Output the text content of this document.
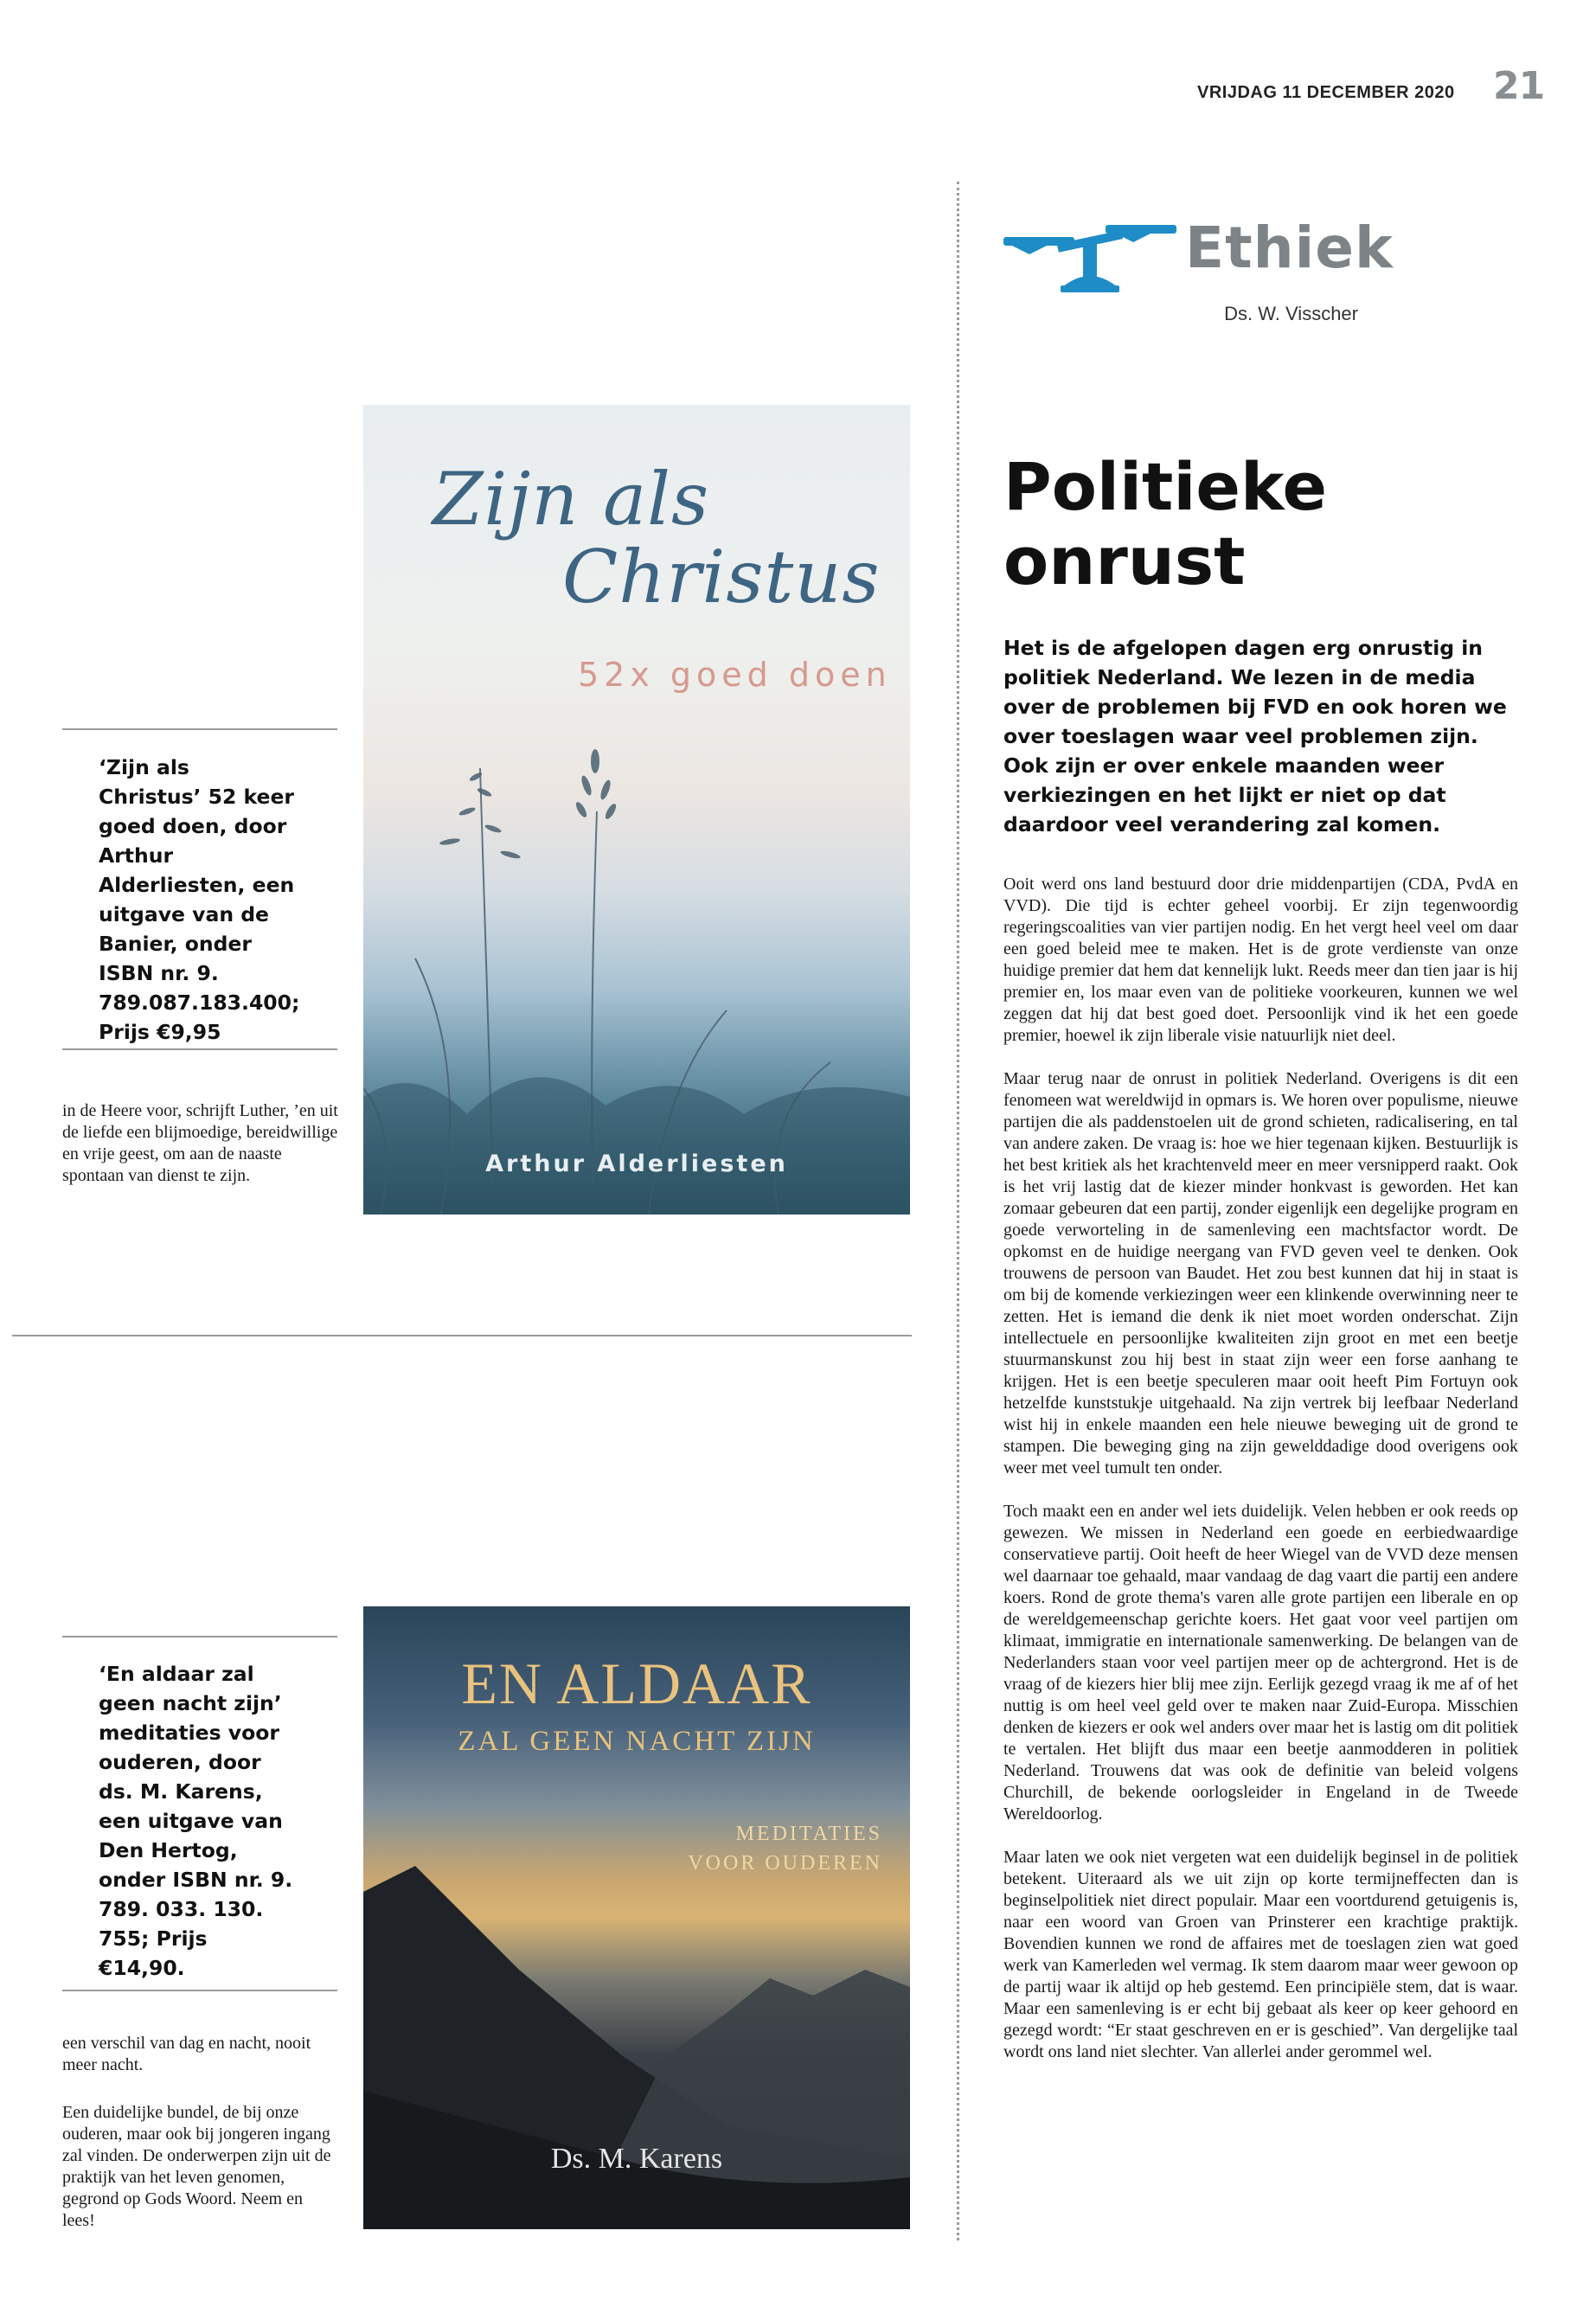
VRIJDAG 11 DECEMBER 2020 21
Ethiek
Ds. W. Visscher
Politieke
onrust
Het is de afgelopen dagen erg onrustig in politiek Nederland. We lezen in de media over de problemen bij FVD en ook horen we over toeslagen waar veel problemen zijn. Ook zijn er over enkele maanden weer verkiezingen en het lijkt er niet op dat daardoor veel verandering zal komen.

Ooit werd ons land bestuurd door drie middenpartijen (CDA, PvdA en VVD). Die tijd is echter geheel voorbij. Er zijn tegenwoordig regeringscoalities van vier partijen nodig. En het vergt heel veel om daar een goed beleid mee te maken. Het is de grote verdienste van onze huidige premier dat hem dat kennelijk lukt. Reeds meer dan tien jaar is hij premier en, los maar even van de politieke voorkeuren, kunnen we wel zeggen dat hij dat best goed doet. Persoonlijk vind ik het een goede premier, hoewel ik zijn liberale visie natuurlijk niet deel.

Maar terug naar de onrust in politiek Nederland. Overigens is dit een fenomeen wat wereldwijd in opmars is. We horen over populisme, nieuwe partijen die als paddenstoelen uit de grond schieten, radicalisering, en tal van andere zaken. De vraag is: hoe we hier tegenaan kijken. Bestuurlijk is het best kritiek als het krachtenveld meer en meer versnipperd raakt. Ook is het vrij lastig dat de kiezer minder honkvast is geworden. Het kan zomaar gebeuren dat een partij, zonder eigenlijk een degelijke program en goede verworteling in de samenleving een machtsfactor wordt. De opkomst en de huidige neergang van FVD geven veel te denken. Ook trouwens de persoon van Baudet. Het zou best kunnen dat hij in staat is om bij de komende verkiezingen weer een klinkende overwinning neer te zetten. Het is iemand die denk ik niet moet worden onderschat. Zijn intellectuele en persoonlijke kwaliteiten zijn groot en met een beetje stuurmanskunst zou hij best in staat zijn weer een forse aanhang te krijgen. Het is een beetje speculeren maar ooit heeft Pim Fortuyn ook hetzelfde kunststukje uitgehaald. Na zijn vertrek bij leefbaar Nederland wist hij in enkele maanden een hele nieuwe beweging uit de grond te stampen. Die beweging ging na zijn gewelddadige dood overigens ook weer met veel tumult ten onder.

Toch maakt een en ander wel iets duidelijk. Velen hebben er ook reeds op gewezen. We missen in Nederland een goede en eerbiedwaardige conservatieve partij. Ooit heeft de heer Wiegel van de VVD deze mensen wel daarnaar toe gehaald, maar vandaag de dag vaart die partij een andere koers. Rond de grote thema's varen alle grote partijen een liberale en op de wereldgemeenschap gerichte koers. Het gaat voor veel partijen om klimaat, immigratie en internationale samenwerking. De belangen van de Nederlanders staan voor veel partijen meer op de achtergrond. Het is de vraag of de kiezers hier blij mee zijn. Eerlijk gezegd vraag ik me af of het nuttig is om heel veel geld over te maken naar Zuid-Europa. Misschien denken de kiezers er ook wel anders over maar het is lastig om dit politiek te vertalen. Het blijft dus maar een beetje aanmodderen in politiek Nederland. Trouwens dat was ook de definitie van beleid volgens Churchill, de bekende oorlogsleider in Engeland in de Tweede Wereldoorlog.

Maar laten we ook niet vergeten wat een duidelijk beginsel in de politiek betekent. Uiteraard als we uit zijn op korte termijneffecten dan is beginselpolitiek niet direct populair. Maar een voortdurend getuigenis is, naar een woord van Groen van Prinsterer een krachtige praktijk. Bovendien kunnen we rond de affaires met de toeslagen zien wat goed werk van Kamerleden wel vermag. Ik stem daarom maar weer gewoon op de partij waar ik altijd op heb gestemd. Een principiële stem, dat is waar. Maar een samenleving is er echt bij gebaat als keer op keer gehoord en gezegd wordt: “Er staat geschreven en er is geschied”. Van dergelijke taal wordt ons land niet slechter. Van allerlei ander gerommel wel.

‘Zijn als Christus’ 52 keer goed doen, door Arthur Alderliesten, een uitgave van de Banier, onder ISBN nr. 9. 789.087.183.400; Prijs €9,95
in de Heere voor, schrijft Luther, ’en uit de liefde een blijmoedige, bereidwillige en vrije geest, om aan de naaste spontaan van dienst te zijn.
Zijn als
Christus
52x goed doen
Arthur Alderliesten
‘En aldaar zal geen nacht zijn’ meditaties voor ouderen, door ds. M. Karens, een uitgave van Den Hertog, onder ISBN nr. 9. 789. 033. 130. 755; Prijs €14,90.
een verschil van dag en nacht, nooit meer nacht.
Een duidelijke bundel, de bij onze ouderen, maar ook bij jongeren ingang zal vinden. De onderwerpen zijn uit de praktijk van het leven genomen, gegrond op Gods Woord. Neem en lees!
EN ALDAAR
ZAL GEEN NACHT ZIJN
MEDITATIES
VOOR OUDEREN
Ds. M. Karens
